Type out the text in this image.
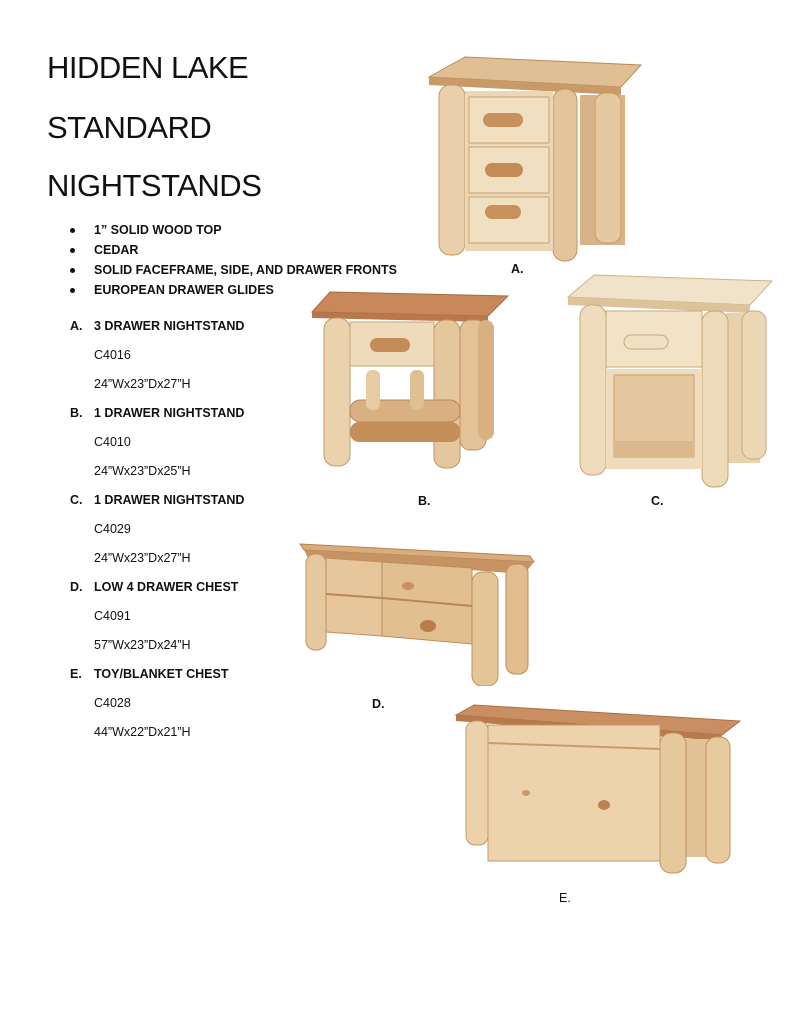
HIDDEN LAKE
STANDARD
NIGHTSTANDS
1” SOLID WOOD TOP
CEDAR
SOLID FACEFRAME, SIDE, AND DRAWER FRONTS
EUROPEAN DRAWER GLIDES
A. 3 DRAWER NIGHTSTAND
C4016
24”Wx23”Dx27”H
B. 1 DRAWER NIGHTSTAND
C4010
24”Wx23”Dx25”H
C. 1 DRAWER NIGHTSTAND
C4029
24”Wx23”Dx27”H
D. LOW 4 DRAWER CHEST
C4091
57”Wx23”Dx24”H
E. TOY/BLANKET CHEST
C4028
44”Wx22”Dx21”H
A.
B.	C.
D.
E.
